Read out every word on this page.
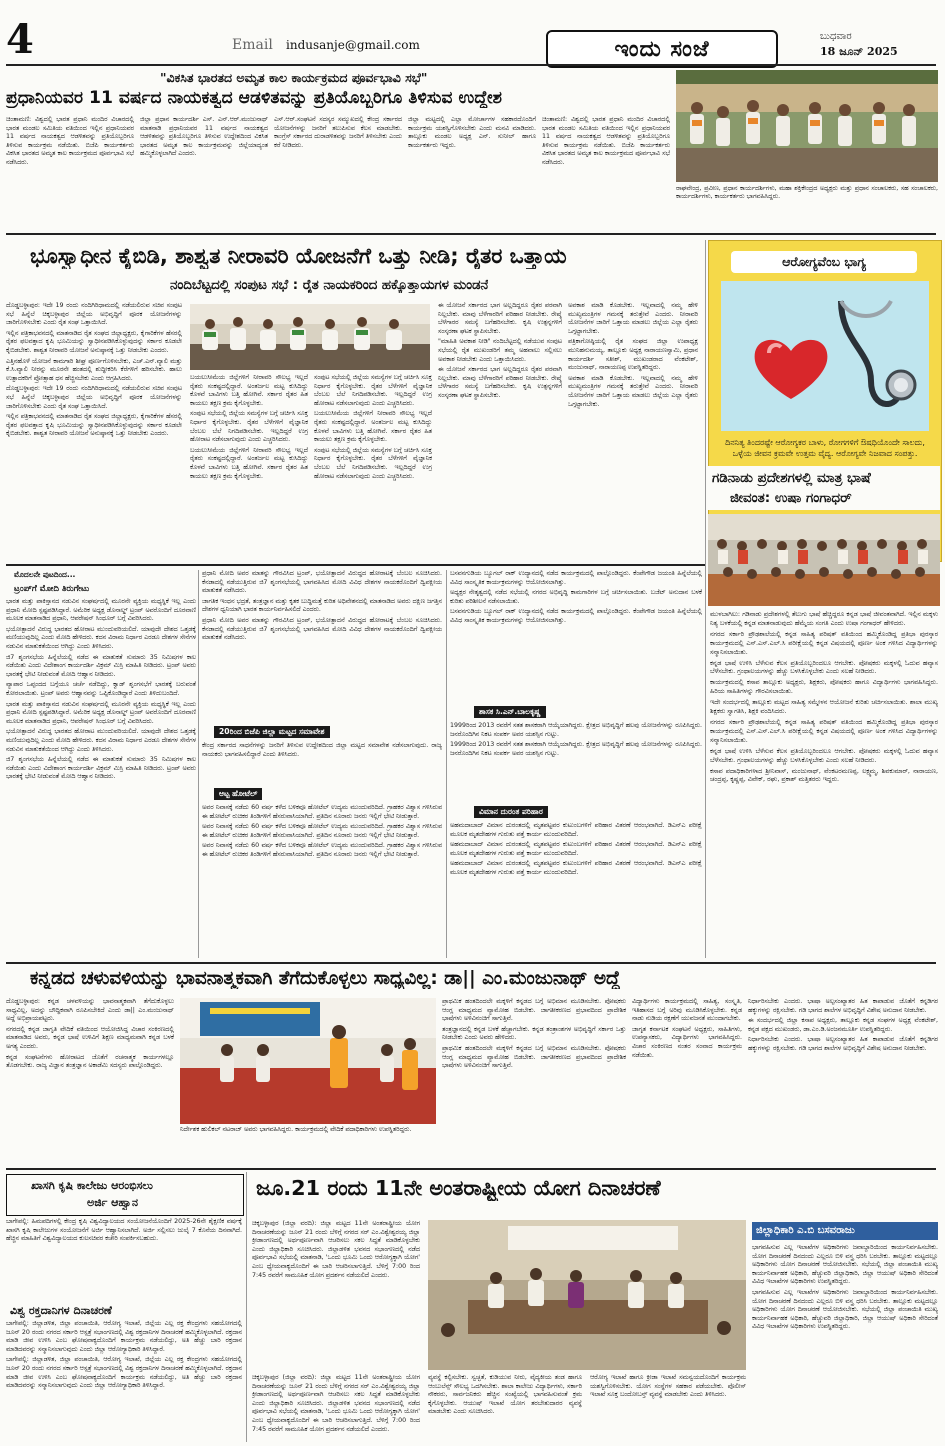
4	Email indusanje@gmail.com	ಇಂದು ಸಂಜೆ	ಬುಧವಾರ
18 ಜೂನ್ 2025
"ವಿಕಸಿತ ಭಾರತದ ಅಮೃತ ಕಾಲ ಕಾರ್ಯಕ್ರಮದ ಪೂರ್ವಭಾವಿ ಸಭೆ"
ಪ್ರಧಾನಿಯವರ 11 ವರ್ಷದ ನಾಯಕತ್ವದ ಆಡಳಿತವನ್ನು ಪ್ರತಿಯೊಬ್ಬರಿಗೂ ತಿಳಿಸುವ ಉದ್ದೇಶ

ಚಿಂತಾಮಣಿ: ವಿಶ್ವದಲ್ಲಿ ಭಾರತ ಪ್ರಧಾನಿ ಮಂದಿರ ವಿಚಾರದಲ್ಲಿ ಭಾರತ ಮಂಡಲ ಸಮಿತಿಯ ವತಿಯಿಂದ ಇಲ್ಲಿನ ಪ್ರಧಾನಿಯವರ 11 ವರ್ಷದ ನಾಯಕತ್ವದ ಆಡಳಿತವನ್ನು ಪ್ರತಿಯೊಬ್ಬರಿಗೂ ತಿಳಿಸುವ ಕಾರ್ಯಕ್ರಮ ನಡೆಯಿತು. ಬಿಜೆಪಿ ಕಾರ್ಯಕರ್ತರು ವಿಕಸಿತ ಭಾರತದ ಅಮೃತ ಕಾಲ ಕಾರ್ಯಕ್ರಮದ ಪೂರ್ವಭಾವಿ ಸಭೆ ನಡೆಸಿದರು.

ಜಿಲ್ಲಾ ಪ್ರಧಾನ ಕಾರ್ಯದರ್ಶಿ ಎಸ್. ಎನ್.ಆರ್.ಮಂಜುನಾಥ್ ಮಾತನಾಡಿ ಪ್ರಧಾನಿಯವರ 11 ವರ್ಷದ ನಾಯಕತ್ವದ ಆಡಳಿತವನ್ನು ಪ್ರತಿಯೊಬ್ಬರಿಗೂ ತಿಳಿಸುವ ಉದ್ದೇಶದಿಂದ ವಿಕಸಿತ ಭಾರತದ ಅಮೃತ ಕಾಲ ಕಾರ್ಯಕ್ರಮವನ್ನು ಜಿಲ್ಲೆಯಾದ್ಯಂತ ಹಮ್ಮಿಕೊಳ್ಳಲಾಗಿದೆ ಎಂದರು.

ಎಸ್.ಆರ್.ಸಂಘಟನೆ ಸದಸ್ಯರ ಸಮ್ಮುಖದಲ್ಲಿ ಕೇಂದ್ರ ಸರ್ಕಾರದ ಯೋಜನೆಗಳನ್ನು ಜನರಿಗೆ ತಲುಪಿಸುವ ಕೆಲಸ ಮಾಡಬೇಕು. ಕಾಂಗ್ರೆಸ್ ಸರ್ಕಾರದ ದುರಾಡಳಿತವನ್ನು ಜನರಿಗೆ ತಿಳಿಸಬೇಕು ಎಂದು ಕರೆ ನೀಡಿದರು.

ಜಿಲ್ಲಾ ಮಟ್ಟದಲ್ಲಿ ಎಲ್ಲಾ ಮೋರ್ಚಾಗಳ ಸಹಕಾರದೊಂದಿಗೆ ಕಾರ್ಯಕ್ರಮ ಯಶಸ್ವಿಗೊಳಿಸಬೇಕು ಎಂದು ಮನವಿ ಮಾಡಿದರು. ತಾಲ್ಲೂಕು ಮಂಡಲ ಅಧ್ಯಕ್ಷ ಎನ್. ಸುನೀಲ್ ಹಾಗೂ ಕಾರ್ಯಕರ್ತರು ಇದ್ದರು.

ಚಿಂತಾಮಣಿ: ವಿಶ್ವದಲ್ಲಿ ಭಾರತ ಪ್ರಧಾನಿ ಮಂದಿರ ವಿಚಾರದಲ್ಲಿ ಭಾರತ ಮಂಡಲ ಸಮಿತಿಯ ವತಿಯಿಂದ ಇಲ್ಲಿನ ಪ್ರಧಾನಿಯವರ 11 ವರ್ಷದ ನಾಯಕತ್ವದ ಆಡಳಿತವನ್ನು ಪ್ರತಿಯೊಬ್ಬರಿಗೂ ತಿಳಿಸುವ ಕಾರ್ಯಕ್ರಮ ನಡೆಯಿತು. ಬಿಜೆಪಿ ಕಾರ್ಯಕರ್ತರು ವಿಕಸಿತ ಭಾರತದ ಅಮೃತ ಕಾಲ ಕಾರ್ಯಕ್ರಮದ ಪೂರ್ವಭಾವಿ ಸಭೆ ನಡೆಸಿದರು.

ರಾಘವೇಂದ್ರ, ಪ್ರವೀಣ, ಪ್ರಧಾನ ಕಾರ್ಯದರ್ಶಿಗಳು, ಮಹಾ ಶಕ್ತಿಕೇಂದ್ರದ ಅಧ್ಯಕ್ಷರು ಮತ್ತು ಪ್ರಧಾನ ಸಂಚಾಲಕರು, ಸಹ ಸಂಚಾಲಕರು, ಕಾರ್ಯದರ್ಶಿಗಳು, ಕಾರ್ಯಕರ್ತರು ಭಾಗವಹಿಸಿದ್ದರು.
ಭೂಸ್ವಾಧೀನ ಕೈಬಿಡಿ, ಶಾಶ್ವತ ನೀರಾವರಿ ಯೋಜನೆಗೆ ಒತ್ತು ನೀಡಿ; ರೈತರ ಒತ್ತಾಯ
ನಂದಿಬೆಟ್ಟದಲ್ಲಿ ಸಂಪುಟ ಸಭೆ : ರೈತ ನಾಯಕರಿಂದ ಹಕ್ಕೊತ್ತಾಯಗಳ ಮಂಡನೆ

ದೊಡ್ಡಬಳ್ಳಾಪುರ: ಇದೇ 19 ರಂದು ನಂದಿಗಿರಿಧಾಮದಲ್ಲಿ ನಡೆಯಲಿರುವ ಸಚಿವ ಸಂಪುಟ ಸಭೆ ಹಿನ್ನೆಲೆ ಚಿಕ್ಕಬಳ್ಳಾಪುರ ಜಿಲ್ಲೆಯ ಅಭಿವೃದ್ಧಿಗೆ ಪೂರಕ ಯೋಜನೆಗಳನ್ನು ಜಾರಿಗೊಳಿಸಬೇಕು ಎಂದು ರೈತ ಸಂಘ ಒತ್ತಾಯಿಸಿದೆ.

ಇಲ್ಲಿನ ಪತ್ರಿಕಾಭವನದಲ್ಲಿ ಮಾತನಾಡಿದ ರೈತ ಸಂಘದ ಜಿಲ್ಲಾಧ್ಯಕ್ಷರು, ಕೈಗಾರಿಕೆಗಳ ಹೆಸರಲ್ಲಿ ರೈತರ ಫಲವತ್ತಾದ ಕೃಷಿ ಭೂಮಿಯನ್ನು ಸ್ವಾಧೀನಪಡಿಸಿಕೊಳ್ಳುವುದನ್ನು ಸರ್ಕಾರ ಕೂಡಲೇ ಕೈಬಿಡಬೇಕು. ಶಾಶ್ವತ ನೀರಾವರಿ ಯೋಜನೆ ಅನುಷ್ಠಾನಕ್ಕೆ ಒತ್ತು ನೀಡಬೇಕು ಎಂದರು.

ಎತ್ತಿನಹೊಳೆ ಯೋಜನೆ ಕಾಮಗಾರಿ ಶೀಘ್ರ ಪೂರ್ಣಗೊಳಿಸಬೇಕು, ಎಚ್.ಎನ್.ವ್ಯಾಲಿ ಮತ್ತು ಕೆ.ಸಿ.ವ್ಯಾಲಿ ನೀರನ್ನು ಮೂರನೇ ಹಂತದಲ್ಲಿ ಶುದ್ಧೀಕರಿಸಿ ಕೆರೆಗಳಿಗೆ ಹರಿಸಬೇಕು. ಹಾಲು ಉತ್ಪಾದಕರಿಗೆ ಪ್ರೋತ್ಸಾಹ ಧನ ಹೆಚ್ಚಿಸಬೇಕು ಎಂದು ಆಗ್ರಹಿಸಿದರು.

ದೊಡ್ಡಬಳ್ಳಾಪುರ: ಇದೇ 19 ರಂದು ನಂದಿಗಿರಿಧಾಮದಲ್ಲಿ ನಡೆಯಲಿರುವ ಸಚಿವ ಸಂಪುಟ ಸಭೆ ಹಿನ್ನೆಲೆ ಚಿಕ್ಕಬಳ್ಳಾಪುರ ಜಿಲ್ಲೆಯ ಅಭಿವೃದ್ಧಿಗೆ ಪೂರಕ ಯೋಜನೆಗಳನ್ನು ಜಾರಿಗೊಳಿಸಬೇಕು ಎಂದು ರೈತ ಸಂಘ ಒತ್ತಾಯಿಸಿದೆ.

ಇಲ್ಲಿನ ಪತ್ರಿಕಾಭವನದಲ್ಲಿ ಮಾತನಾಡಿದ ರೈತ ಸಂಘದ ಜಿಲ್ಲಾಧ್ಯಕ್ಷರು, ಕೈಗಾರಿಕೆಗಳ ಹೆಸರಲ್ಲಿ ರೈತರ ಫಲವತ್ತಾದ ಕೃಷಿ ಭೂಮಿಯನ್ನು ಸ್ವಾಧೀನಪಡಿಸಿಕೊಳ್ಳುವುದನ್ನು ಸರ್ಕಾರ ಕೂಡಲೇ ಕೈಬಿಡಬೇಕು. ಶಾಶ್ವತ ನೀರಾವರಿ ಯೋಜನೆ ಅನುಷ್ಠಾನಕ್ಕೆ ಒತ್ತು ನೀಡಬೇಕು ಎಂದರು.

ಬಯಲುಸೀಮೆಯ ಜಿಲ್ಲೆಗಳಿಗೆ ನೀರಾವರಿ ಸೌಲಭ್ಯ ಇಲ್ಲದೆ ರೈತರು ಸಂಕಷ್ಟದಲ್ಲಿದ್ದಾರೆ. ಅಂತರ್ಜಲ ಮಟ್ಟ ಕುಸಿದಿದ್ದು ಕೊಳವೆ ಬಾವಿಗಳು ಬತ್ತಿ ಹೋಗಿವೆ. ಸರ್ಕಾರ ರೈತರ ಹಿತ ಕಾಯಲು ತಕ್ಷಣ ಕ್ರಮ ಕೈಗೊಳ್ಳಬೇಕು.

ಸಂಪುಟ ಸಭೆಯಲ್ಲಿ ಜಿಲ್ಲೆಯ ಸಮಸ್ಯೆಗಳ ಬಗ್ಗೆ ಚರ್ಚಿಸಿ ಸೂಕ್ತ ನಿರ್ಧಾರ ಕೈಗೊಳ್ಳಬೇಕು. ರೈತರ ಬೆಳೆಗಳಿಗೆ ವೈಜ್ಞಾನಿಕ ಬೆಂಬಲ ಬೆಲೆ ನಿಗದಿಪಡಿಸಬೇಕು. ಇಲ್ಲದಿದ್ದರೆ ಉಗ್ರ ಹೋರಾಟ ನಡೆಸಲಾಗುವುದು ಎಂದು ಎಚ್ಚರಿಸಿದರು.

ಬಯಲುಸೀಮೆಯ ಜಿಲ್ಲೆಗಳಿಗೆ ನೀರಾವರಿ ಸೌಲಭ್ಯ ಇಲ್ಲದೆ ರೈತರು ಸಂಕಷ್ಟದಲ್ಲಿದ್ದಾರೆ. ಅಂತರ್ಜಲ ಮಟ್ಟ ಕುಸಿದಿದ್ದು ಕೊಳವೆ ಬಾವಿಗಳು ಬತ್ತಿ ಹೋಗಿವೆ. ಸರ್ಕಾರ ರೈತರ ಹಿತ ಕಾಯಲು ತಕ್ಷಣ ಕ್ರಮ ಕೈಗೊಳ್ಳಬೇಕು.

ಸಂಪುಟ ಸಭೆಯಲ್ಲಿ ಜಿಲ್ಲೆಯ ಸಮಸ್ಯೆಗಳ ಬಗ್ಗೆ ಚರ್ಚಿಸಿ ಸೂಕ್ತ ನಿರ್ಧಾರ ಕೈಗೊಳ್ಳಬೇಕು. ರೈತರ ಬೆಳೆಗಳಿಗೆ ವೈಜ್ಞಾನಿಕ ಬೆಂಬಲ ಬೆಲೆ ನಿಗದಿಪಡಿಸಬೇಕು. ಇಲ್ಲದಿದ್ದರೆ ಉಗ್ರ ಹೋರಾಟ ನಡೆಸಲಾಗುವುದು ಎಂದು ಎಚ್ಚರಿಸಿದರು.

ಬಯಲುಸೀಮೆಯ ಜಿಲ್ಲೆಗಳಿಗೆ ನೀರಾವರಿ ಸೌಲಭ್ಯ ಇಲ್ಲದೆ ರೈತರು ಸಂಕಷ್ಟದಲ್ಲಿದ್ದಾರೆ. ಅಂತರ್ಜಲ ಮಟ್ಟ ಕುಸಿದಿದ್ದು ಕೊಳವೆ ಬಾವಿಗಳು ಬತ್ತಿ ಹೋಗಿವೆ. ಸರ್ಕಾರ ರೈತರ ಹಿತ ಕಾಯಲು ತಕ್ಷಣ ಕ್ರಮ ಕೈಗೊಳ್ಳಬೇಕು.

ಸಂಪುಟ ಸಭೆಯಲ್ಲಿ ಜಿಲ್ಲೆಯ ಸಮಸ್ಯೆಗಳ ಬಗ್ಗೆ ಚರ್ಚಿಸಿ ಸೂಕ್ತ ನಿರ್ಧಾರ ಕೈಗೊಳ್ಳಬೇಕು. ರೈತರ ಬೆಳೆಗಳಿಗೆ ವೈಜ್ಞಾನಿಕ ಬೆಂಬಲ ಬೆಲೆ ನಿಗದಿಪಡಿಸಬೇಕು. ಇಲ್ಲದಿದ್ದರೆ ಉಗ್ರ ಹೋರಾಟ ನಡೆಸಲಾಗುವುದು ಎಂದು ಎಚ್ಚರಿಸಿದರು.

ಈ ಯೋಜನೆ ಸರ್ಕಾರದ ಭಾಗ ಅಲ್ಲದಿದ್ದರೂ ರೈತರ ಪರವಾಗಿ ನಿಲ್ಲಬೇಕು. ಮಾವು ಬೆಳೆಗಾರರಿಗೆ ಪರಿಹಾರ ನೀಡಬೇಕು. ರೇಷ್ಮೆ ಬೆಳೆಗಾರರ ಸಮಸ್ಯೆ ಬಗೆಹರಿಸಬೇಕು. ಕೃಷಿ ಉತ್ಪನ್ನಗಳಿಗೆ ಸಂಸ್ಕರಣಾ ಘಟಕ ಸ್ಥಾಪಿಸಬೇಕು.

"ಮಾಹಿತಿ ಅವಕಾಶ ನೀಡಿ" ನಂದಿಬೆಟ್ಟದಲ್ಲಿ ನಡೆಯುವ ಸಂಪುಟ ಸಭೆಯಲ್ಲಿ ರೈತ ಮುಖಂಡರಿಗೆ ತಮ್ಮ ಅಹವಾಲು ಸಲ್ಲಿಸಲು ಅವಕಾಶ ನೀಡಬೇಕು ಎಂದು ಒತ್ತಾಯಿಸಿದರು.

ಈ ಯೋಜನೆ ಸರ್ಕಾರದ ಭಾಗ ಅಲ್ಲದಿದ್ದರೂ ರೈತರ ಪರವಾಗಿ ನಿಲ್ಲಬೇಕು. ಮಾವು ಬೆಳೆಗಾರರಿಗೆ ಪರಿಹಾರ ನೀಡಬೇಕು. ರೇಷ್ಮೆ ಬೆಳೆಗಾರರ ಸಮಸ್ಯೆ ಬಗೆಹರಿಸಬೇಕು. ಕೃಷಿ ಉತ್ಪನ್ನಗಳಿಗೆ ಸಂಸ್ಕರಣಾ ಘಟಕ ಸ್ಥಾಪಿಸಬೇಕು.

ಅವಕಾಶ ಮಾಡಿ ಕೊಡಬೇಕು. ಇಲ್ಲವಾದಲ್ಲಿ ನಮ್ಮ ಹೇಳಿ ಮುಖ್ಯಮಂತ್ರಿಗಳ ಗಮನಕ್ಕೆ ತರುತ್ತೇವೆ ಎಂದರು. ನೀರಾವರಿ ಯೋಜನೆಗಳ ಜಾರಿಗೆ ಒತ್ತಾಯ ಮಾಡಲು ಜಿಲ್ಲೆಯ ಎಲ್ಲಾ ರೈತರು ಒಗ್ಗಟ್ಟಾಗಬೇಕು.

ಪತ್ರಿಕಾಗೋಷ್ಠಿಯಲ್ಲಿ ರೈತ ಸಂಘದ ಜಿಲ್ಲಾ ಉಪಾಧ್ಯಕ್ಷ ಮುನಿಹನುಮಯ್ಯ, ತಾಲ್ಲೂಕು ಅಧ್ಯಕ್ಷ ನಾರಾಯಣಸ್ವಾಮಿ, ಪ್ರಧಾನ ಕಾರ್ಯದರ್ಶಿ ಸತೀಶ್, ಮುಖಂಡರಾದ ವೆಂಕಟೇಶ್, ಮಂಜುನಾಥ್, ನಾರಾಯಣಪ್ಪ ಉಪಸ್ಥಿತರಿದ್ದರು.

ಅವಕಾಶ ಮಾಡಿ ಕೊಡಬೇಕು. ಇಲ್ಲವಾದಲ್ಲಿ ನಮ್ಮ ಹೇಳಿ ಮುಖ್ಯಮಂತ್ರಿಗಳ ಗಮನಕ್ಕೆ ತರುತ್ತೇವೆ ಎಂದರು. ನೀರಾವರಿ ಯೋಜನೆಗಳ ಜಾರಿಗೆ ಒತ್ತಾಯ ಮಾಡಲು ಜಿಲ್ಲೆಯ ಎಲ್ಲಾ ರೈತರು ಒಗ್ಗಟ್ಟಾಗಬೇಕು.

ಆರೋಗ್ಯವೆಂಬ ಭಾಗ್ಯ
ದಿನನಿತ್ಯ ತಿಂದರಷ್ಟೇ ಆರೋಗ್ಯಕರ ಬಾಳು, ರೋಗಗಳಿಗೆ ಔಷಧಿಯೊಂದೇ ಸಾಲದು, ಒಳ್ಳೆಯ ಜೀವನ ಕ್ರಮವೇ ಉತ್ತಮ ವೈದ್ಯ. ಆರೋಗ್ಯವೇ ನಿಜವಾದ ಸಂಪತ್ತು.
ಗಡಿನಾಡು ಪ್ರದೇಶಗಳಲ್ಲಿ ಮಾತ್ರ ಭಾಷೆ
ಜೀವಂತ: ಉಷಾ ಗಂಗಾಧರ್

ಮುಳಬಾಗಿಲು: ಗಡಿನಾಡು ಪ್ರದೇಶಗಳಲ್ಲಿ ತೆಲುಗು ಭಾಷೆ ಹೆಚ್ಚಿದ್ದರೂ ಕನ್ನಡ ಭಾಷೆ ಜೀವಂತವಾಗಿದೆ. ಇಲ್ಲಿನ ಮಕ್ಕಳು ನಿತ್ಯ ಬಳಕೆಯಲ್ಲಿ ಕನ್ನಡ ಮಾತನಾಡುವುದು ಹೆಮ್ಮೆಯ ಸಂಗತಿ ಎಂದು ಉಷಾ ಗಂಗಾಧರ್ ಹೇಳಿದರು.

ನಗರದ ಸರ್ಕಾರಿ ಪ್ರೌಢಶಾಲೆಯಲ್ಲಿ ಕನ್ನಡ ಸಾಹಿತ್ಯ ಪರಿಷತ್ ವತಿಯಿಂದ ಹಮ್ಮಿಕೊಂಡಿದ್ದ ಪ್ರತಿಭಾ ಪುರಸ್ಕಾರ ಕಾರ್ಯಕ್ರಮದಲ್ಲಿ ಎಸ್.ಎಸ್.ಎಲ್.ಸಿ ಪರೀಕ್ಷೆಯಲ್ಲಿ ಕನ್ನಡ ವಿಷಯದಲ್ಲಿ ಪೂರ್ಣ ಅಂಕ ಗಳಿಸಿದ ವಿದ್ಯಾರ್ಥಿಗಳನ್ನು ಸನ್ಮಾನಿಸಲಾಯಿತು.

ಕನ್ನಡ ಭಾಷೆ ಉಳಿಸಿ ಬೆಳೆಸುವ ಕೆಲಸ ಪ್ರತಿಯೊಬ್ಬರಿಂದಲೂ ಆಗಬೇಕು. ಪೋಷಕರು ಮಕ್ಕಳಲ್ಲಿ ಓದುವ ಹವ್ಯಾಸ ಬೆಳೆಸಬೇಕು. ಗ್ರಂಥಾಲಯಗಳನ್ನು ಹೆಚ್ಚು ಬಳಸಿಕೊಳ್ಳಬೇಕು ಎಂದು ಸಲಹೆ ನೀಡಿದರು.

ಕಾರ್ಯಕ್ರಮದಲ್ಲಿ ಕಸಾಪ ತಾಲ್ಲೂಕು ಅಧ್ಯಕ್ಷರು, ಶಿಕ್ಷಕರು, ಪೋಷಕರು ಹಾಗೂ ವಿದ್ಯಾರ್ಥಿಗಳು ಭಾಗವಹಿಸಿದ್ದರು. ಹಿರಿಯ ಸಾಹಿತಿಗಳನ್ನು ಗೌರವಿಸಲಾಯಿತು.

ಇದೇ ಸಂದರ್ಭದಲ್ಲಿ ತಾಲ್ಲೂಕು ಮಟ್ಟದ ಸಾಹಿತ್ಯ ಸಮ್ಮೇಳನ ಆಯೋಜನೆ ಕುರಿತು ಚರ್ಚಿಸಲಾಯಿತು. ಶಾಲಾ ಮುಖ್ಯ ಶಿಕ್ಷಕರು ಸ್ವಾಗತಿಸಿ, ಶಿಕ್ಷಕಿ ವಂದಿಸಿದರು.

ನಗರದ ಸರ್ಕಾರಿ ಪ್ರೌಢಶಾಲೆಯಲ್ಲಿ ಕನ್ನಡ ಸಾಹಿತ್ಯ ಪರಿಷತ್ ವತಿಯಿಂದ ಹಮ್ಮಿಕೊಂಡಿದ್ದ ಪ್ರತಿಭಾ ಪುರಸ್ಕಾರ ಕಾರ್ಯಕ್ರಮದಲ್ಲಿ ಎಸ್.ಎಸ್.ಎಲ್.ಸಿ ಪರೀಕ್ಷೆಯಲ್ಲಿ ಕನ್ನಡ ವಿಷಯದಲ್ಲಿ ಪೂರ್ಣ ಅಂಕ ಗಳಿಸಿದ ವಿದ್ಯಾರ್ಥಿಗಳನ್ನು ಸನ್ಮಾನಿಸಲಾಯಿತು.

ಕನ್ನಡ ಭಾಷೆ ಉಳಿಸಿ ಬೆಳೆಸುವ ಕೆಲಸ ಪ್ರತಿಯೊಬ್ಬರಿಂದಲೂ ಆಗಬೇಕು. ಪೋಷಕರು ಮಕ್ಕಳಲ್ಲಿ ಓದುವ ಹವ್ಯಾಸ ಬೆಳೆಸಬೇಕು. ಗ್ರಂಥಾಲಯಗಳನ್ನು ಹೆಚ್ಚು ಬಳಸಿಕೊಳ್ಳಬೇಕು ಎಂದು ಸಲಹೆ ನೀಡಿದರು.

ಕಸಾಪ ಪದಾಧಿಕಾರಿಗಳಾದ ಶ್ರೀನಿವಾಸ್, ಮಂಜುನಾಥ್, ವೆಂಕಟರಮಣಪ್ಪ, ಲಕ್ಷ್ಮಮ್ಮ, ಶಿವಕುಮಾರ್, ನಾರಾಯಣ, ಚಂದ್ರಪ್ಪ, ಕೃಷ್ಣಪ್ಪ, ವಿವೇಕ್, ರಘು, ಪ್ರಕಾಶ್ ಮತ್ತಿತರರು ಇದ್ದರು.

ಮೊದಲನೇ ಪುಟದಿಂದ...
ಟ್ರಂಪ್‌ಗೆ ಮೋದಿ ತಿರುಗೇಟು

ಭಾರತ ಮತ್ತು ಪಾಕಿಸ್ತಾನದ ನಡುವಿನ ಸಂಘರ್ಷದಲ್ಲಿ ಮೂರನೇ ವ್ಯಕ್ತಿಯ ಮಧ್ಯಸ್ಥಿಕೆ ಇಲ್ಲ ಎಂದು ಪ್ರಧಾನಿ ಮೋದಿ ಸ್ಪಷ್ಟಪಡಿಸಿದ್ದಾರೆ. ಅಮೆರಿಕ ಅಧ್ಯಕ್ಷ ಡೊನಾಲ್ಡ್ ಟ್ರಂಪ್ ಅವರೊಂದಿಗೆ ದೂರವಾಣಿ ಮೂಲಕ ಮಾತನಾಡಿದ ಪ್ರಧಾನಿ, ಆಪರೇಷನ್ ಸಿಂಧೂರ್ ಬಗ್ಗೆ ವಿವರಿಸಿದರು.

ಭಯೋತ್ಪಾದನೆ ವಿರುದ್ಧ ಭಾರತದ ಹೋರಾಟ ಮುಂದುವರಿಯಲಿದೆ. ಯಾವುದೇ ದೇಶದ ಒತ್ತಡಕ್ಕೆ ಮಣಿಯುವುದಿಲ್ಲ ಎಂದು ಮೋದಿ ಹೇಳಿದರು. ಕದನ ವಿರಾಮ ನಿರ್ಧಾರ ಎರಡೂ ದೇಶಗಳ ಸೇನೆಗಳ ನಡುವಿನ ಮಾತುಕತೆಯಿಂದ ಆಗಿದ್ದು ಎಂದು ತಿಳಿಸಿದರು.

ಜಿ7 ಶೃಂಗಸಭೆಯ ಹಿನ್ನೆಲೆಯಲ್ಲಿ ನಡೆದ ಈ ಮಾತುಕತೆ ಸುಮಾರು 35 ನಿಮಿಷಗಳ ಕಾಲ ನಡೆಯಿತು ಎಂದು ವಿದೇಶಾಂಗ ಕಾರ್ಯದರ್ಶಿ ವಿಕ್ರಮ್ ಮಿಸ್ರಿ ಮಾಹಿತಿ ನೀಡಿದರು. ಟ್ರಂಪ್ ಅವರು ಭಾರತಕ್ಕೆ ಭೇಟಿ ನೀಡುವಂತೆ ಮೋದಿ ಆಹ್ವಾನ ನೀಡಿದರು.

ವ್ಯಾಪಾರ ಒಪ್ಪಂದದ ಬಗ್ಗೆಯೂ ಚರ್ಚೆ ನಡೆದಿದ್ದು, ಕ್ವಾಡ್ ಶೃಂಗಸಭೆಗೆ ಭಾರತಕ್ಕೆ ಬರುವಂತೆ ಕೋರಲಾಯಿತು. ಟ್ರಂಪ್ ಅವರು ಆಹ್ವಾನವನ್ನು ಒಪ್ಪಿಕೊಂಡಿದ್ದಾರೆ ಎಂದು ತಿಳಿದುಬಂದಿದೆ.

ಭಾರತ ಮತ್ತು ಪಾಕಿಸ್ತಾನದ ನಡುವಿನ ಸಂಘರ್ಷದಲ್ಲಿ ಮೂರನೇ ವ್ಯಕ್ತಿಯ ಮಧ್ಯಸ್ಥಿಕೆ ಇಲ್ಲ ಎಂದು ಪ್ರಧಾನಿ ಮೋದಿ ಸ್ಪಷ್ಟಪಡಿಸಿದ್ದಾರೆ. ಅಮೆರಿಕ ಅಧ್ಯಕ್ಷ ಡೊನಾಲ್ಡ್ ಟ್ರಂಪ್ ಅವರೊಂದಿಗೆ ದೂರವಾಣಿ ಮೂಲಕ ಮಾತನಾಡಿದ ಪ್ರಧಾನಿ, ಆಪರೇಷನ್ ಸಿಂಧೂರ್ ಬಗ್ಗೆ ವಿವರಿಸಿದರು.

ಭಯೋತ್ಪಾದನೆ ವಿರುದ್ಧ ಭಾರತದ ಹೋರಾಟ ಮುಂದುವರಿಯಲಿದೆ. ಯಾವುದೇ ದೇಶದ ಒತ್ತಡಕ್ಕೆ ಮಣಿಯುವುದಿಲ್ಲ ಎಂದು ಮೋದಿ ಹೇಳಿದರು. ಕದನ ವಿರಾಮ ನಿರ್ಧಾರ ಎರಡೂ ದೇಶಗಳ ಸೇನೆಗಳ ನಡುವಿನ ಮಾತುಕತೆಯಿಂದ ಆಗಿದ್ದು ಎಂದು ತಿಳಿಸಿದರು.

ಜಿ7 ಶೃಂಗಸಭೆಯ ಹಿನ್ನೆಲೆಯಲ್ಲಿ ನಡೆದ ಈ ಮಾತುಕತೆ ಸುಮಾರು 35 ನಿಮಿಷಗಳ ಕಾಲ ನಡೆಯಿತು ಎಂದು ವಿದೇಶಾಂಗ ಕಾರ್ಯದರ್ಶಿ ವಿಕ್ರಮ್ ಮಿಸ್ರಿ ಮಾಹಿತಿ ನೀಡಿದರು. ಟ್ರಂಪ್ ಅವರು ಭಾರತಕ್ಕೆ ಭೇಟಿ ನೀಡುವಂತೆ ಮೋದಿ ಆಹ್ವಾನ ನೀಡಿದರು.

ಪ್ರಧಾನಿ ಮೋದಿ ಅವರ ಮಾತನ್ನು ಗೌರವಿಸಿದ ಟ್ರಂಪ್, ಭಯೋತ್ಪಾದನೆ ವಿರುದ್ಧದ ಹೋರಾಟಕ್ಕೆ ಬೆಂಬಲ ಸೂಚಿಸಿದರು. ಕೆನಡಾದಲ್ಲಿ ನಡೆಯುತ್ತಿರುವ ಜಿ7 ಶೃಂಗಸಭೆಯಲ್ಲಿ ಭಾಗವಹಿಸಿದ ಮೋದಿ ವಿವಿಧ ದೇಶಗಳ ನಾಯಕರೊಂದಿಗೆ ದ್ವಿಪಕ್ಷೀಯ ಮಾತುಕತೆ ನಡೆಸಿದರು.

ಜಾಗತಿಕ ಇಂಧನ ಭದ್ರತೆ, ತಂತ್ರಜ್ಞಾನ ಮತ್ತು ಕೃತಕ ಬುದ್ಧಿಮತ್ತೆ ಕುರಿತ ಅಧಿವೇಶನದಲ್ಲಿ ಮಾತನಾಡಿದ ಅವರು ದಕ್ಷಿಣ ಜಗತ್ತಿನ ದೇಶಗಳ ಧ್ವನಿಯಾಗಿ ಭಾರತ ಕಾರ್ಯನಿರ್ವಹಿಸಲಿದೆ ಎಂದರು.

ಪ್ರಧಾನಿ ಮೋದಿ ಅವರ ಮಾತನ್ನು ಗೌರವಿಸಿದ ಟ್ರಂಪ್, ಭಯೋತ್ಪಾದನೆ ವಿರುದ್ಧದ ಹೋರಾಟಕ್ಕೆ ಬೆಂಬಲ ಸೂಚಿಸಿದರು. ಕೆನಡಾದಲ್ಲಿ ನಡೆಯುತ್ತಿರುವ ಜಿ7 ಶೃಂಗಸಭೆಯಲ್ಲಿ ಭಾಗವಹಿಸಿದ ಮೋದಿ ವಿವಿಧ ದೇಶಗಳ ನಾಯಕರೊಂದಿಗೆ ದ್ವಿಪಕ್ಷೀಯ ಮಾತುಕತೆ ನಡೆಸಿದರು.

20ರಿಂದ ಬಿಜೆಪಿ ಜಿಲ್ಲಾ ಮಟ್ಟದ ಸಮಾವೇಶ
ಕೇಂದ್ರ ಸರ್ಕಾರದ ಸಾಧನೆಗಳನ್ನು ಜನರಿಗೆ ತಿಳಿಸುವ ಉದ್ದೇಶದಿಂದ ಜಿಲ್ಲಾ ಮಟ್ಟದ ಸಮಾವೇಶ ನಡೆಸಲಾಗುವುದು. ರಾಜ್ಯ ನಾಯಕರು ಭಾಗವಹಿಸಲಿದ್ದಾರೆ ಎಂದು ತಿಳಿಸಿದರು.
ಆಟ್ಟ ಹೋಟೆಲ್

ಅವರ ನಿವಾಸಕ್ಕೆ ನಡೆದು 60 ವರ್ಷ ಕಳೆದ ಬಳಿಕವೂ ಹೋಟೆಲ್ ಉದ್ಯಮ ಮುಂದುವರಿದಿದೆ. ಗ್ರಾಹಕರ ವಿಶ್ವಾಸ ಗಳಿಸಿರುವ ಈ ಹೋಟೆಲ್ ರುಚಿಕರ ತಿಂಡಿಗಳಿಗೆ ಹೆಸರುವಾಸಿಯಾಗಿದೆ. ಪ್ರತಿದಿನ ನೂರಾರು ಜನರು ಇಲ್ಲಿಗೆ ಭೇಟಿ ನೀಡುತ್ತಾರೆ.

ಅವರ ನಿವಾಸಕ್ಕೆ ನಡೆದು 60 ವರ್ಷ ಕಳೆದ ಬಳಿಕವೂ ಹೋಟೆಲ್ ಉದ್ಯಮ ಮುಂದುವರಿದಿದೆ. ಗ್ರಾಹಕರ ವಿಶ್ವಾಸ ಗಳಿಸಿರುವ ಈ ಹೋಟೆಲ್ ರುಚಿಕರ ತಿಂಡಿಗಳಿಗೆ ಹೆಸರುವಾಸಿಯಾಗಿದೆ. ಪ್ರತಿದಿನ ನೂರಾರು ಜನರು ಇಲ್ಲಿಗೆ ಭೇಟಿ ನೀಡುತ್ತಾರೆ.

ಅವರ ನಿವಾಸಕ್ಕೆ ನಡೆದು 60 ವರ್ಷ ಕಳೆದ ಬಳಿಕವೂ ಹೋಟೆಲ್ ಉದ್ಯಮ ಮುಂದುವರಿದಿದೆ. ಗ್ರಾಹಕರ ವಿಶ್ವಾಸ ಗಳಿಸಿರುವ ಈ ಹೋಟೆಲ್ ರುಚಿಕರ ತಿಂಡಿಗಳಿಗೆ ಹೆಸರುವಾಸಿಯಾಗಿದೆ. ಪ್ರತಿದಿನ ನೂರಾರು ಜನರು ಇಲ್ಲಿಗೆ ಭೇಟಿ ನೀಡುತ್ತಾರೆ.

ಬಸವನಗುಡಿಯ ಬ್ಯೂಗಲ್ ರಾಕ್ ಉದ್ಯಾನದಲ್ಲಿ ನಡೆದ ಕಾರ್ಯಕ್ರಮದಲ್ಲಿ ಪಾಲ್ಗೊಂಡಿದ್ದರು. ಕೆಂಪೇಗೌಡ ಜಯಂತಿ ಹಿನ್ನೆಲೆಯಲ್ಲಿ ವಿವಿಧ ಸಾಂಸ್ಕೃತಿಕ ಕಾರ್ಯಕ್ರಮಗಳನ್ನು ಆಯೋಜಿಸಲಾಗಿತ್ತು.

ಅಧ್ಯಕ್ಷರ ನೇತೃತ್ವದಲ್ಲಿ ನಡೆದ ಸಭೆಯಲ್ಲಿ ನಗರದ ಅಭಿವೃದ್ಧಿ ಕಾಮಗಾರಿಗಳ ಬಗ್ಗೆ ಚರ್ಚಿಸಲಾಯಿತು. ಬಜೆಟ್ ಅನುದಾನ ಬಳಕೆ ಕುರಿತು ಪರಿಶೀಲನೆ ನಡೆಸಲಾಯಿತು.

ಬಸವನಗುಡಿಯ ಬ್ಯೂಗಲ್ ರಾಕ್ ಉದ್ಯಾನದಲ್ಲಿ ನಡೆದ ಕಾರ್ಯಕ್ರಮದಲ್ಲಿ ಪಾಲ್ಗೊಂಡಿದ್ದರು. ಕೆಂಪೇಗೌಡ ಜಯಂತಿ ಹಿನ್ನೆಲೆಯಲ್ಲಿ ವಿವಿಧ ಸಾಂಸ್ಕೃತಿಕ ಕಾರ್ಯಕ್ರಮಗಳನ್ನು ಆಯೋಜಿಸಲಾಗಿತ್ತು.

ಶಾಸಕ ಸಿ.ಎನ್.ಬಾಲಕೃಷ್ಣ

1999ರಿಂದ 2013 ರವರೆಗೆ ಸತತ ಶಾಸಕರಾಗಿ ಆಯ್ಕೆಯಾಗಿದ್ದರು. ಕ್ಷೇತ್ರದ ಅಭಿವೃದ್ಧಿಗೆ ಹಲವು ಯೋಜನೆಗಳನ್ನು ರೂಪಿಸಿದ್ದರು. ಜನರೊಂದಿಗಿನ ನಿಕಟ ಸಂಪರ್ಕ ಅವರ ಯಶಸ್ಸಿನ ಗುಟ್ಟು.

1999ರಿಂದ 2013 ರವರೆಗೆ ಸತತ ಶಾಸಕರಾಗಿ ಆಯ್ಕೆಯಾಗಿದ್ದರು. ಕ್ಷೇತ್ರದ ಅಭಿವೃದ್ಧಿಗೆ ಹಲವು ಯೋಜನೆಗಳನ್ನು ರೂಪಿಸಿದ್ದರು. ಜನರೊಂದಿಗಿನ ನಿಕಟ ಸಂಪರ್ಕ ಅವರ ಯಶಸ್ಸಿನ ಗುಟ್ಟು.

ವಿಮಾನ ದುರಂತ ಪರಿಹಾರ

ಅಹಮದಾಬಾದ್ ವಿಮಾನ ದುರಂತದಲ್ಲಿ ಮೃತಪಟ್ಟವರ ಕುಟುಂಬಗಳಿಗೆ ಪರಿಹಾರ ವಿತರಣೆ ಆರಂಭವಾಗಿದೆ. ಡಿಎನ್‌ಎ ಪರೀಕ್ಷೆ ಮೂಲಕ ಮೃತದೇಹಗಳ ಗುರುತು ಪತ್ತೆ ಕಾರ್ಯ ಮುಂದುವರಿದಿದೆ.

ಅಹಮದಾಬಾದ್ ವಿಮಾನ ದುರಂತದಲ್ಲಿ ಮೃತಪಟ್ಟವರ ಕುಟುಂಬಗಳಿಗೆ ಪರಿಹಾರ ವಿತರಣೆ ಆರಂಭವಾಗಿದೆ. ಡಿಎನ್‌ಎ ಪರೀಕ್ಷೆ ಮೂಲಕ ಮೃತದೇಹಗಳ ಗುರುತು ಪತ್ತೆ ಕಾರ್ಯ ಮುಂದುವರಿದಿದೆ.

ಅಹಮದಾಬಾದ್ ವಿಮಾನ ದುರಂತದಲ್ಲಿ ಮೃತಪಟ್ಟವರ ಕುಟುಂಬಗಳಿಗೆ ಪರಿಹಾರ ವಿತರಣೆ ಆರಂಭವಾಗಿದೆ. ಡಿಎನ್‌ಎ ಪರೀಕ್ಷೆ ಮೂಲಕ ಮೃತದೇಹಗಳ ಗುರುತು ಪತ್ತೆ ಕಾರ್ಯ ಮುಂದುವರಿದಿದೆ.

ಕನ್ನಡದ ಚಳುವಳಿಯನ್ನು ಭಾವನಾತ್ಮಕವಾಗಿ ತೆಗೆದುಕೊಳ್ಳಲು ಸಾಧ್ಯವಿಲ್ಲ: ಡಾ|| ಎಂ.ಮಂಜುನಾಥ್ ಅದ್ದೆ

ದೊಡ್ಡಬಳ್ಳಾಪುರ: ಕನ್ನಡ ಚಳವಳಿಯನ್ನು ಭಾವನಾತ್ಮಕವಾಗಿ ತೆಗೆದುಕೊಳ್ಳಲು ಸಾಧ್ಯವಿಲ್ಲ, ಅದನ್ನು ಬೌದ್ಧಿಕವಾಗಿ ರೂಪಿಸಬೇಕಿದೆ ಎಂದು ಡಾ|| ಎಂ.ಮಂಜುನಾಥ್ ಅದ್ದೆ ಅಭಿಪ್ರಾಯಪಟ್ಟರು.

ನಗರದಲ್ಲಿ ಕನ್ನಡ ಜಾಗೃತಿ ವೇದಿಕೆ ವತಿಯಿಂದ ಆಯೋಜಿಸಿದ್ದ ವಿಚಾರ ಸಂಕಿರಣದಲ್ಲಿ ಮಾತನಾಡಿದ ಅವರು, ಕನ್ನಡ ಭಾಷೆ ಉಳಿವಿಗೆ ಶಿಕ್ಷಣ ಮಾಧ್ಯಮವಾಗಿ ಕನ್ನಡ ಬಳಕೆ ಅಗತ್ಯ ಎಂದರು.

ಕನ್ನಡ ಸಂಘಟನೆಗಳು ಹೋರಾಟದ ಜೊತೆಗೆ ರಚನಾತ್ಮಕ ಕಾರ್ಯಗಳಲ್ಲೂ ತೊಡಗಬೇಕು. ರಾಜ್ಯ ವಿಜ್ಞಾನ ತಂತ್ರಜ್ಞಾನ ಅಕಾಡೆಮಿ ಸದಸ್ಯರು ಪಾಲ್ಗೊಂಡಿದ್ದರು.

ನಿರ್ದೇಶಕ ಹುಲಿಕಲ್ ನಟರಾಜ್ ಅವರು ಭಾಗವಹಿಸಿದ್ದರು. ಕಾರ್ಯಕ್ರಮದಲ್ಲಿ ವೇದಿಕೆ ಪದಾಧಿಕಾರಿಗಳು ಉಪಸ್ಥಿತರಿದ್ದರು.

ಪ್ರಾಥಮಿಕ ಹಂತದಿಂದಲೇ ಮಕ್ಕಳಿಗೆ ಕನ್ನಡದ ಬಗ್ಗೆ ಅಭಿಮಾನ ಮೂಡಿಸಬೇಕು. ಪೋಷಕರು ಆಂಗ್ಲ ಮಾಧ್ಯಮದ ವ್ಯಾಮೋಹ ಬಿಡಬೇಕು. ಜಾಗತೀಕರಣದ ಪ್ರಭಾವದಿಂದ ಪ್ರಾದೇಶಿಕ ಭಾಷೆಗಳು ಅಳಿವಿನಂಚಿಗೆ ಸಾಗುತ್ತಿವೆ.

ತಂತ್ರಜ್ಞಾನದಲ್ಲಿ ಕನ್ನಡ ಬಳಕೆ ಹೆಚ್ಚಾಗಬೇಕು. ಕನ್ನಡ ತಂತ್ರಾಂಶಗಳ ಅಭಿವೃದ್ಧಿಗೆ ಸರ್ಕಾರ ಒತ್ತು ನೀಡಬೇಕು ಎಂದು ಅವರು ಹೇಳಿದರು.

ಪ್ರಾಥಮಿಕ ಹಂತದಿಂದಲೇ ಮಕ್ಕಳಿಗೆ ಕನ್ನಡದ ಬಗ್ಗೆ ಅಭಿಮಾನ ಮೂಡಿಸಬೇಕು. ಪೋಷಕರು ಆಂಗ್ಲ ಮಾಧ್ಯಮದ ವ್ಯಾಮೋಹ ಬಿಡಬೇಕು. ಜಾಗತೀಕರಣದ ಪ್ರಭಾವದಿಂದ ಪ್ರಾದೇಶಿಕ ಭಾಷೆಗಳು ಅಳಿವಿನಂಚಿಗೆ ಸಾಗುತ್ತಿವೆ.

ವಿದ್ಯಾರ್ಥಿಗಳು ಕಾರ್ಯಕ್ರಮದಲ್ಲಿ ಸಾಹಿತ್ಯ, ಸಂಸ್ಕೃತಿ, ಇತಿಹಾಸದ ಬಗ್ಗೆ ಅರಿವು ಮೂಡಿಸಿಕೊಳ್ಳಬೇಕು. ಕನ್ನಡ ನಾಡು ನುಡಿಯ ರಕ್ಷಣೆಗೆ ಯುವಜನತೆ ಮುಂದಾಗಬೇಕು.

ಜಾಗೃತ ಕರ್ನಾಟಕ ಸಂಘಟನೆ ಅಧ್ಯಕ್ಷರು, ಸಾಹಿತಿಗಳು, ಉಪನ್ಯಾಸಕರು, ವಿದ್ಯಾರ್ಥಿಗಳು ಭಾಗವಹಿಸಿದ್ದರು. ವಿಚಾರ ಸಂಕಿರಣದ ನಂತರ ಸಂವಾದ ಕಾರ್ಯಕ್ರಮ ನಡೆಯಿತು.

ನಿರ್ಧಾರಿಸಬೇಕು ಎಂದರು. ಭಾಷಾ ಅಲ್ಪಸಂಖ್ಯಾತರ ಹಿತ ಕಾಪಾಡುವ ಜೊತೆಗೆ ಕನ್ನಡಿಗರ ಹಕ್ಕುಗಳನ್ನು ರಕ್ಷಿಸಬೇಕು. ಗಡಿ ಭಾಗದ ಶಾಲೆಗಳ ಅಭಿವೃದ್ಧಿಗೆ ವಿಶೇಷ ಅನುದಾನ ನೀಡಬೇಕು.

ಈ ಸಂದರ್ಭದಲ್ಲಿ ಜಿಲ್ಲಾ ಕಸಾಪ ಅಧ್ಯಕ್ಷರು, ತಾಲ್ಲೂಕು ಕನ್ನಡ ಸಂಘಗಳ ಅಧ್ಯಕ್ಷ ವೆಂಕಟೇಶ್, ಕನ್ನಡ ಪಕ್ಷದ ಮುಖಂಡರು, ಡಾ.ಎಂ.ಡಿ.ಅಂಜನಮೂರ್ತಿ ಉಪಸ್ಥಿತರಿದ್ದರು.

ನಿರ್ಧಾರಿಸಬೇಕು ಎಂದರು. ಭಾಷಾ ಅಲ್ಪಸಂಖ್ಯಾತರ ಹಿತ ಕಾಪಾಡುವ ಜೊತೆಗೆ ಕನ್ನಡಿಗರ ಹಕ್ಕುಗಳನ್ನು ರಕ್ಷಿಸಬೇಕು. ಗಡಿ ಭಾಗದ ಶಾಲೆಗಳ ಅಭಿವೃದ್ಧಿಗೆ ವಿಶೇಷ ಅನುದಾನ ನೀಡಬೇಕು.

ಖಾಸಗಿ ಕೃಷಿ ಕಾಲೇಜು ಆರಂಭಿಸಲು
ಅರ್ಜಿ ಆಹ್ವಾನ
ಬಾಗೇಪಲ್ಲಿ: ಹಿಮಪದಿಗಳಲ್ಲಿ ಕೇಂದ್ರ ಕೃಷಿ ವಿಶ್ವವಿದ್ಯಾಲಯದ ಸಂಯೋಜನೆಯೊಂದಿಗೆ 2025-26ನೇ ಶೈಕ್ಷಣಿಕ ವರ್ಷಕ್ಕೆ ಖಾಸಗಿ ಕೃಷಿ ಕಾಲೇಜುಗಳ ಸಂಯೋಜನೆಗೆ ಅರ್ಜಿ ಆಹ್ವಾನಿಸಲಾಗಿದೆ. ಅರ್ಜಿ ಸಲ್ಲಿಸಲು ಜುಲೈ 7 ಕೊನೆಯ ದಿನವಾಗಿದೆ. ಹೆಚ್ಚಿನ ಮಾಹಿತಿಗೆ ವಿಶ್ವವಿದ್ಯಾಲಯದ ಕುಲಸಚಿವರ ಕಚೇರಿ ಸಂಪರ್ಕಿಸಬಹುದು.
ವಿಶ್ವ ರಕ್ತದಾನಿಗಳ ದಿನಾಚರಣೆ

ಬಾಗೇಪಲ್ಲಿ: ಜಿಲ್ಲಾಡಳಿತ, ಜಿಲ್ಲಾ ಪಂಚಾಯಿತಿ, ಆರೋಗ್ಯ ಇಲಾಖೆ, ಜಿಲ್ಲೆಯ ಎಲ್ಲ ರಕ್ತ ಕೇಂದ್ರಗಳು ಸಹಯೋಗದಲ್ಲಿ ಜೂನ್ 20 ರಂದು ನಗರದ ಸರ್ಕಾರಿ ಆಸ್ಪತ್ರೆ ಸಭಾಂಗಣದಲ್ಲಿ ವಿಶ್ವ ರಕ್ತದಾನಿಗಳ ದಿನಾಚರಣೆ ಹಮ್ಮಿಕೊಳ್ಳಲಾಗಿದೆ. ರಕ್ತದಾನ ಮಾಡಿ ಜೀವ ಉಳಿಸಿ ಎಂಬ ಘೋಷವಾಕ್ಯದೊಂದಿಗೆ ಕಾರ್ಯಕ್ರಮ ನಡೆಯಲಿದ್ದು, ಅತಿ ಹೆಚ್ಚು ಬಾರಿ ರಕ್ತದಾನ ಮಾಡಿದವರನ್ನು ಸನ್ಮಾನಿಸಲಾಗುವುದು ಎಂದು ಜಿಲ್ಲಾ ಆರೋಗ್ಯಾಧಿಕಾರಿ ತಿಳಿಸಿದ್ದಾರೆ.

ಬಾಗೇಪಲ್ಲಿ: ಜಿಲ್ಲಾಡಳಿತ, ಜಿಲ್ಲಾ ಪಂಚಾಯಿತಿ, ಆರೋಗ್ಯ ಇಲಾಖೆ, ಜಿಲ್ಲೆಯ ಎಲ್ಲ ರಕ್ತ ಕೇಂದ್ರಗಳು ಸಹಯೋಗದಲ್ಲಿ ಜೂನ್ 20 ರಂದು ನಗರದ ಸರ್ಕಾರಿ ಆಸ್ಪತ್ರೆ ಸಭಾಂಗಣದಲ್ಲಿ ವಿಶ್ವ ರಕ್ತದಾನಿಗಳ ದಿನಾಚರಣೆ ಹಮ್ಮಿಕೊಳ್ಳಲಾಗಿದೆ. ರಕ್ತದಾನ ಮಾಡಿ ಜೀವ ಉಳಿಸಿ ಎಂಬ ಘೋಷವಾಕ್ಯದೊಂದಿಗೆ ಕಾರ್ಯಕ್ರಮ ನಡೆಯಲಿದ್ದು, ಅತಿ ಹೆಚ್ಚು ಬಾರಿ ರಕ್ತದಾನ ಮಾಡಿದವರನ್ನು ಸನ್ಮಾನಿಸಲಾಗುವುದು ಎಂದು ಜಿಲ್ಲಾ ಆರೋಗ್ಯಾಧಿಕಾರಿ ತಿಳಿಸಿದ್ದಾರೆ.

ಜೂ.21 ರಂದು 11ನೇ ಅಂತರಾಷ್ಟ್ರೀಯ ಯೋಗ ದಿನಾಚರಣೆ

ಚಿಕ್ಕಬಳ್ಳಾಪುರ (ಜಿಲ್ಲಾ ವರದಿ): ಜಿಲ್ಲಾ ಮಟ್ಟದ 11ನೇ ಅಂತರಾಷ್ಟ್ರೀಯ ಯೋಗ ದಿನಾಚರಣೆಯನ್ನು ಜೂನ್ 21 ರಂದು ಬೆಳಿಗ್ಗೆ ನಗರದ ಸರ್ ಎಂ.ವಿಶ್ವೇಶ್ವರಯ್ಯ ಜಿಲ್ಲಾ ಕ್ರೀಡಾಂಗಣದಲ್ಲಿ ಅರ್ಥಪೂರ್ಣವಾಗಿ ಆಚರಿಸಲು ಸಕಲ ಸಿದ್ಧತೆ ಮಾಡಿಕೊಳ್ಳಬೇಕು ಎಂದು ಜಿಲ್ಲಾಧಿಕಾರಿ ಸೂಚಿಸಿದರು. ಜಿಲ್ಲಾಡಳಿತ ಭವನದ ಸಭಾಂಗಣದಲ್ಲಿ ನಡೆದ ಪೂರ್ವಭಾವಿ ಸಭೆಯಲ್ಲಿ ಮಾತನಾಡಿ, 'ಒಂದು ಭೂಮಿ ಒಂದು ಆರೋಗ್ಯಕ್ಕಾಗಿ ಯೋಗ' ಎಂಬ ಧ್ಯೇಯವಾಕ್ಯದೊಂದಿಗೆ ಈ ಬಾರಿ ಆಚರಿಸಲಾಗುತ್ತಿದೆ. ಬೆಳಿಗ್ಗೆ 7:00 ರಿಂದ 7:45 ರವರೆಗೆ ಸಾಮೂಹಿಕ ಯೋಗ ಪ್ರದರ್ಶನ ನಡೆಯಲಿದೆ ಎಂದರು.

ಜಿಲ್ಲಾಧಿಕಾರಿ ಎ.ಬಿ ಬಸವರಾಜು

ಭಾಗವಹಿಸುವ ಎಲ್ಲ ಇಲಾಖೆಗಳ ಅಧಿಕಾರಿಗಳು ಜವಾಬ್ದಾರಿಯಿಂದ ಕಾರ್ಯನಿರ್ವಹಿಸಬೇಕು. ಯೋಗ ದಿನಾಚರಣೆ ದಿನದಂದು ಎಲ್ಲರೂ ಬಿಳಿ ವಸ್ತ್ರ ಧರಿಸಿ ಬರಬೇಕು. ತಾಲ್ಲೂಕು ಮಟ್ಟದಲ್ಲೂ ಅಧಿಕಾರಿಗಳು ಯೋಗ ದಿನಾಚರಣೆ ಆಯೋಜಿಸಬೇಕು. ಸಭೆಯಲ್ಲಿ ಜಿಲ್ಲಾ ಪಂಚಾಯಿತಿ ಮುಖ್ಯ ಕಾರ್ಯನಿರ್ವಾಹಕ ಅಧಿಕಾರಿ, ಹೆಚ್ಚುವರಿ ಜಿಲ್ಲಾಧಿಕಾರಿ, ಜಿಲ್ಲಾ ಆಯುಷ್ ಅಧಿಕಾರಿ ಸೇರಿದಂತೆ ವಿವಿಧ ಇಲಾಖೆಗಳ ಅಧಿಕಾರಿಗಳು ಉಪಸ್ಥಿತರಿದ್ದರು.

ಭಾಗವಹಿಸುವ ಎಲ್ಲ ಇಲಾಖೆಗಳ ಅಧಿಕಾರಿಗಳು ಜವಾಬ್ದಾರಿಯಿಂದ ಕಾರ್ಯನಿರ್ವಹಿಸಬೇಕು. ಯೋಗ ದಿನಾಚರಣೆ ದಿನದಂದು ಎಲ್ಲರೂ ಬಿಳಿ ವಸ್ತ್ರ ಧರಿಸಿ ಬರಬೇಕು. ತಾಲ್ಲೂಕು ಮಟ್ಟದಲ್ಲೂ ಅಧಿಕಾರಿಗಳು ಯೋಗ ದಿನಾಚರಣೆ ಆಯೋಜಿಸಬೇಕು. ಸಭೆಯಲ್ಲಿ ಜಿಲ್ಲಾ ಪಂಚಾಯಿತಿ ಮುಖ್ಯ ಕಾರ್ಯನಿರ್ವಾಹಕ ಅಧಿಕಾರಿ, ಹೆಚ್ಚುವರಿ ಜಿಲ್ಲಾಧಿಕಾರಿ, ಜಿಲ್ಲಾ ಆಯುಷ್ ಅಧಿಕಾರಿ ಸೇರಿದಂತೆ ವಿವಿಧ ಇಲಾಖೆಗಳ ಅಧಿಕಾರಿಗಳು ಉಪಸ್ಥಿತರಿದ್ದರು.

ಚಿಕ್ಕಬಳ್ಳಾಪುರ (ಜಿಲ್ಲಾ ವರದಿ): ಜಿಲ್ಲಾ ಮಟ್ಟದ 11ನೇ ಅಂತರಾಷ್ಟ್ರೀಯ ಯೋಗ ದಿನಾಚರಣೆಯನ್ನು ಜೂನ್ 21 ರಂದು ಬೆಳಿಗ್ಗೆ ನಗರದ ಸರ್ ಎಂ.ವಿಶ್ವೇಶ್ವರಯ್ಯ ಜಿಲ್ಲಾ ಕ್ರೀಡಾಂಗಣದಲ್ಲಿ ಅರ್ಥಪೂರ್ಣವಾಗಿ ಆಚರಿಸಲು ಸಕಲ ಸಿದ್ಧತೆ ಮಾಡಿಕೊಳ್ಳಬೇಕು ಎಂದು ಜಿಲ್ಲಾಧಿಕಾರಿ ಸೂಚಿಸಿದರು. ಜಿಲ್ಲಾಡಳಿತ ಭವನದ ಸಭಾಂಗಣದಲ್ಲಿ ನಡೆದ ಪೂರ್ವಭಾವಿ ಸಭೆಯಲ್ಲಿ ಮಾತನಾಡಿ, 'ಒಂದು ಭೂಮಿ ಒಂದು ಆರೋಗ್ಯಕ್ಕಾಗಿ ಯೋಗ' ಎಂಬ ಧ್ಯೇಯವಾಕ್ಯದೊಂದಿಗೆ ಈ ಬಾರಿ ಆಚರಿಸಲಾಗುತ್ತಿದೆ. ಬೆಳಿಗ್ಗೆ 7:00 ರಿಂದ 7:45 ರವರೆಗೆ ಸಾಮೂಹಿಕ ಯೋಗ ಪ್ರದರ್ಶನ ನಡೆಯಲಿದೆ ಎಂದರು.

ವ್ಯವಸ್ಥೆ ಕಲ್ಪಿಸಬೇಕು. ಸ್ವಚ್ಛತೆ, ಕುಡಿಯುವ ನೀರು, ವೈದ್ಯಕೀಯ ತಂಡ ಹಾಗೂ ಆಂಬುಲೆನ್ಸ್ ಸೌಲಭ್ಯ ಒದಗಿಸಬೇಕು. ಶಾಲಾ ಕಾಲೇಜು ವಿದ್ಯಾರ್ಥಿಗಳು, ಸರ್ಕಾರಿ ನೌಕರರು, ಸಾರ್ವಜನಿಕರು ಹೆಚ್ಚಿನ ಸಂಖ್ಯೆಯಲ್ಲಿ ಭಾಗವಹಿಸುವಂತೆ ಕ್ರಮ ಕೈಗೊಳ್ಳಬೇಕು. ಆಯುಷ್ ಇಲಾಖೆ ಯೋಗ ತರಬೇತುದಾರರ ವ್ಯವಸ್ಥೆ ಮಾಡಬೇಕು ಎಂದು ಸೂಚಿಸಿದರು.

ಆರೋಗ್ಯ ಇಲಾಖೆ ಹಾಗೂ ಕ್ರೀಡಾ ಇಲಾಖೆ ಸಮನ್ವಯದೊಂದಿಗೆ ಕಾರ್ಯಕ್ರಮ ಯಶಸ್ವಿಗೊಳಿಸಬೇಕು. ಯೋಗ ಸಂಸ್ಥೆಗಳ ಸಹಕಾರ ಪಡೆಯಬೇಕು. ಪೊಲೀಸ್ ಇಲಾಖೆ ಸೂಕ್ತ ಬಂದೋಬಸ್ತ್ ವ್ಯವಸ್ಥೆ ಮಾಡಬೇಕು ಎಂದು ತಿಳಿಸಿದರು.
